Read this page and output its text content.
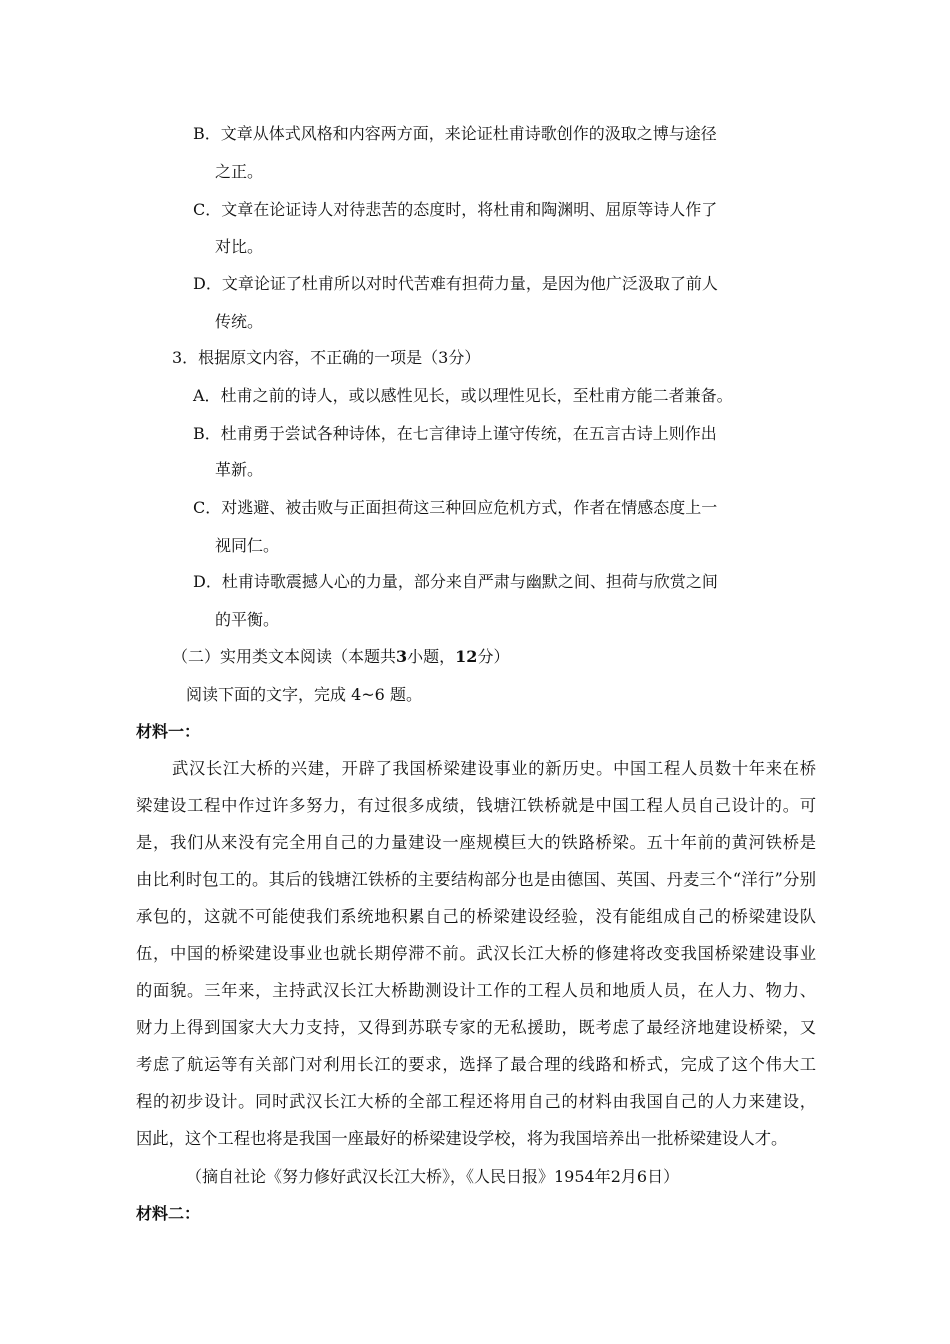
B．文章从体式风格和内容两方面，来论证杜甫诗歌创作的汲取之博与途径
之正。
C．文章在论证诗人对待悲苦的态度时，将杜甫和陶渊明、屈原等诗人作了
对比。
D．文章论证了杜甫所以对时代苦难有担荷力量，是因为他广泛汲取了前人
传统。
3．根据原文内容，不正确的一项是（3分）
A．杜甫之前的诗人，或以感性见长，或以理性见长，至杜甫方能二者兼备。
B．杜甫勇于尝试各种诗体，在七言律诗上谨守传统，在五言古诗上则作出
革新。
C．对逃避、被击败与正面担荷这三种回应危机方式，作者在情感态度上一
视同仁。
D．杜甫诗歌震撼人心的力量，部分来自严肃与幽默之间、担荷与欣赏之间
的平衡。
（二）实用类文本阅读（本题共3小题，12分）
阅读下面的文字，完成 4~6 题。
材料一：
武汉长江大桥的兴建，开辟了我国桥梁建设事业的新历史。中国工程人员数十年来在桥
梁建设工程中作过许多努力，有过很多成绩，钱塘江铁桥就是中国工程人员自己设计的。可
是，我们从来没有完全用自己的力量建设一座规模巨大的铁路桥梁。五十年前的黄河铁桥是
由比利时包工的。其后的钱塘江铁桥的主要结构部分也是由德国、英国、丹麦三个“洋行”分别
承包的，这就不可能使我们系统地积累自己的桥梁建设经验，没有能组成自己的桥梁建设队
伍，中国的桥梁建设事业也就长期停滞不前。武汉长江大桥的修建将改变我国桥梁建设事业
的面貌。三年来，主持武汉长江大桥勘测设计工作的工程人员和地质人员，在人力、物力、
财力上得到国家大大力支持，又得到苏联专家的无私援助，既考虑了最经济地建设桥梁，又
考虑了航运等有关部门对利用长江的要求，选择了最合理的线路和桥式，完成了这个伟大工
程的初步设计。同时武汉长江大桥的全部工程还将用自己的材料由我国自己的人力来建设，
因此，这个工程也将是我国一座最好的桥梁建设学校，将为我国培养出一批桥梁建设人才。
（摘自社论《努力修好武汉长江大桥》，《人民日报》1954年2月6日）
材料二：
